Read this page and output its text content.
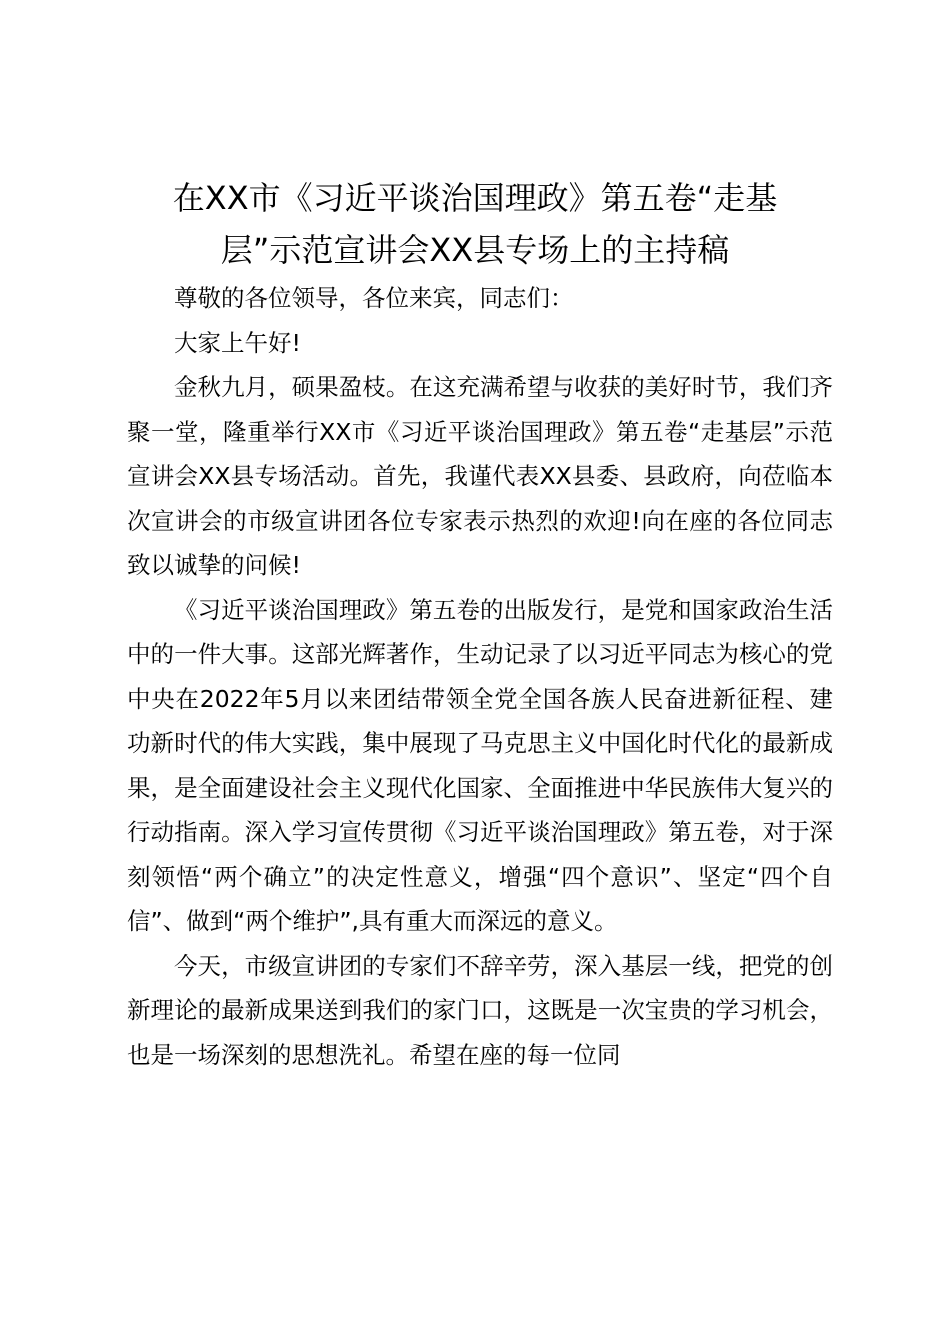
在XX市《习近平谈治国理政》第五卷“走基
层”示范宣讲会XX县专场上的主持稿

尊敬的各位领导，各位来宾，同志们：

大家上午好!

金秋九月，硕果盈枝。在这充满希望与收获的美好时节，我们齐聚一堂，隆重举行XX市《习近平谈治国理政》第五卷“走基层”示范宣讲会XX县专场活动。首先，我谨代表XX县委、县政府，向莅临本次宣讲会的市级宣讲团各位专家表示热烈的欢迎!向在座的各位同志致以诚挚的问候!

《习近平谈治国理政》第五卷的出版发行，是党和国家政治生活中的一件大事。这部光辉著作，生动记录了以习近平同志为核心的党中央在2022年5月以来团结带领全党全国各族人民奋进新征程、建功新时代的伟大实践，集中展现了马克思主义中国化时代化的最新成果，是全面建设社会主义现代化国家、全面推进中华民族伟大复兴的行动指南。深入学习宣传贯彻《习近平谈治国理政》第五卷，对于深刻领悟“两个确立”的决定性意义，增强“四个意识”、坚定“四个自信”、做到“两个维护”,具有重大而深远的意义。

今天，市级宣讲团的专家们不辞辛劳，深入基层一线，把党的创新理论的最新成果送到我们的家门口，这既是一次宝贵的学习机会，也是一场深刻的思想洗礼。希望在座的每一位同
